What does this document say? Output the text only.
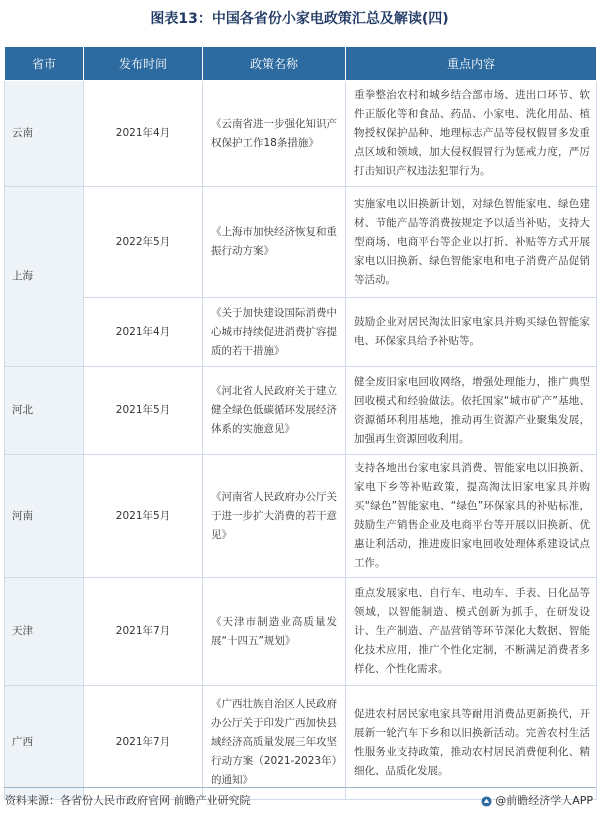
图表13：中国各省份小家电政策汇总及解读(四)
省市	发布时间	政策名称	重点内容
云南	2021年4月	《云南省进一步强化知识产权保护工作18条措施》	重拳整治农村和城乡结合部市场、进出口环节、软件正版化等和食品、药品、小家电、洗化用品、植物授权保护品种、地理标志产品等侵权假冒多发重点区域和领域，加大侵权假冒行为惩戒力度，严厉打击知识产权违法犯罪行为。
上海	2022年5月	《上海市加快经济恢复和重振行动方案》	实施家电以旧换新计划，对绿色智能家电、绿色建材、节能产品等消费按规定予以适当补贴，支持大型商场、电商平台等企业以打折、补贴等方式开展家电以旧换新、绿色智能家电和电子消费产品促销等活动。
	2021年4月	《关于加快建设国际消费中心城市持续促进消费扩容提质的若干措施》	鼓励企业对居民淘汰旧家电家具并购买绿色智能家电、环保家具给予补贴等。
河北	2021年5月	《河北省人民政府关于建立健全绿色低碳循环发展经济体系的实施意见》	健全废旧家电回收网络，增强处理能力，推广典型回收模式和经验做法。依托国家“城市矿产”基地、资源循环利用基地，推动再生资源产业聚集发展，加强再生资源回收利用。
河南	2021年5月	《河南省人民政府办公厅关于进一步扩大消费的若干意见》	支持各地出台家电家具消费、智能家电以旧换新、家电下乡等补贴政策，提高淘汰旧家电家具并购买“绿色”智能家电、“绿色”环保家具的补贴标准，鼓励生产销售企业及电商平台等开展以旧换新、优惠让利活动，推进废旧家电回收处理体系建设试点工作。
天津	2021年7月	《天津市制造业高质量发展“十四五”规划》	重点发展家电、自行车、电动车、手表、日化品等领域，以智能制造、模式创新为抓手，在研发设计、生产制造、产品营销等环节深化大数据、智能化技术应用，推广个性化定制，不断满足消费者多样化、个性化需求。
广西	2021年7月	《广西壮族自治区人民政府办公厅关于印发广西加快县域经济高质量发展三年攻坚行动方案（2021-2023年）的通知》	促进农村居民家电家具等耐用消费品更新换代，开展新一轮汽车下乡和以旧换新活动。完善农村生活性服务业支持政策，推动农村居民消费便利化、精细化、品质化发展。
资料来源：各省份人民市政府官网 前瞻产业研究院	@前瞻经济学人APP
